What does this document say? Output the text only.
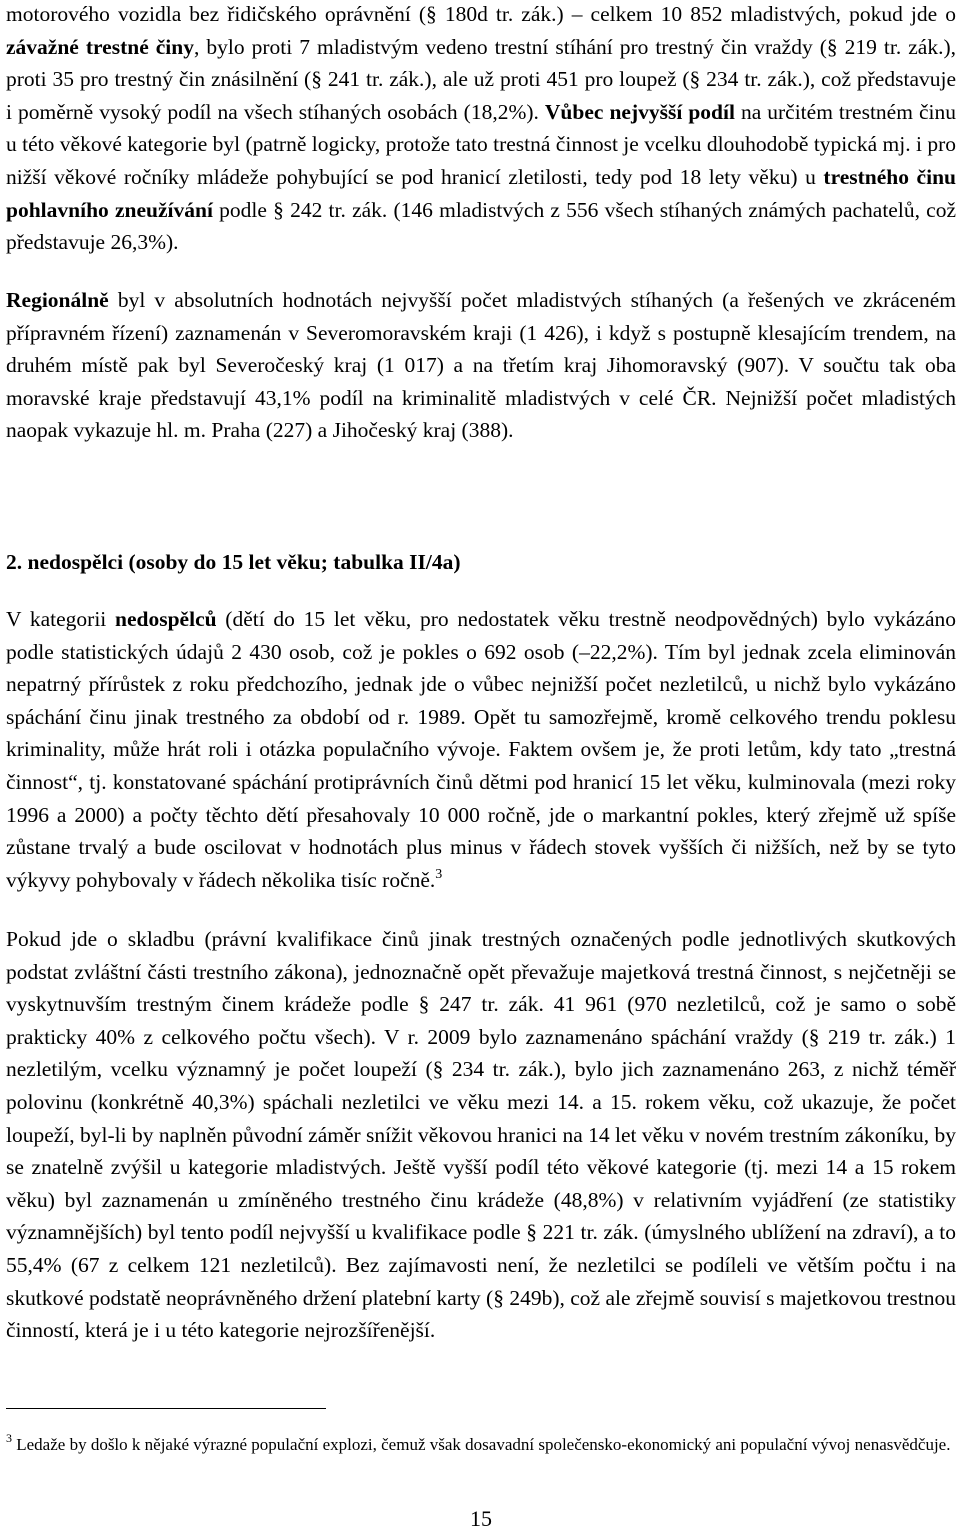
motorového vozidla bez řidičského oprávnění (§ 180d tr. zák.) – celkem 10 852 mladistvých, pokud jde o závažné trestné činy, bylo proti 7 mladistvým vedeno trestní stíhání pro trestný čin vraždy (§ 219 tr. zák.), proti 35 pro trestný čin znásilnění (§ 241 tr. zák.), ale už proti 451 pro loupež (§ 234 tr. zák.), což představuje i poměrně vysoký podíl na všech stíhaných osobách (18,2%). Vůbec nejvyšší podíl na určitém trestném činu u této věkové kategorie byl (patrně logicky, protože tato trestná činnost je vcelku dlouhodobě typická mj. i pro nižší věkové ročníky mládeže pohybující se pod hranicí zletilosti, tedy pod 18 lety věku) u trestného činu pohlavního zneužívání podle § 242 tr. zák. (146 mladistvých z 556 všech stíhaných známých pachatelů, což představuje 26,3%).

Regionálně byl v absolutních hodnotách nejvyšší počet mladistvých stíhaných (a řešených ve zkráceném přípravném řízení) zaznamenán v Severomoravském kraji (1 426), i když s postupně klesajícím trendem, na druhém místě pak byl Severočeský kraj (1 017) a na třetím kraj Jihomoravský (907). V součtu tak oba moravské kraje představují 43,1% podíl na kriminalitě mladistvých v celé ČR. Nejnižší počet mladistých naopak vykazuje hl. m. Praha (227) a Jihočeský kraj (388).

2. nedospělci (osoby do 15 let věku; tabulka II/4a)

V kategorii nedospělců (dětí do 15 let věku, pro nedostatek věku trestně neodpovědných) bylo vykázáno podle statistických údajů 2 430 osob, což je pokles o 692 osob (–22,2%). Tím byl jednak zcela eliminován nepatrný přírůstek z roku předchozího, jednak jde o vůbec nejnižší počet nezletilců, u nichž bylo vykázáno spáchání činu jinak trestného za období od r. 1989. Opět tu samozřejmě, kromě celkového trendu poklesu kriminality, může hrát roli i otázka populačního vývoje. Faktem ovšem je, že proti letům, kdy tato „trestná činnost“, tj. konstatované spáchání protiprávních činů dětmi pod hranicí 15 let věku, kulminovala (mezi roky 1996 a 2000) a počty těchto dětí přesahovaly 10 000 ročně, jde o markantní pokles, který zřejmě už spíše zůstane trvalý a bude oscilovat v hodnotách plus minus v řádech stovek vyšších či nižších, než by se tyto výkyvy pohybovaly v řádech několika tisíc ročně.$^3$

Pokud jde o skladbu (právní kvalifikace činů jinak trestných označených podle jednotlivých skutkových podstat zvláštní části trestního zákona), jednoznačně opět převažuje majetková trestná činnost, s nejčetněji se vyskytnuvším trestným činem krádeže podle § 247 tr. zák. 41 961 (970 nezletilců, což je samo o sobě prakticky 40% z celkového počtu všech). V r. 2009 bylo zaznamenáno spáchání vraždy (§ 219 tr. zák.) 1 nezletilým, vcelku významný je počet loupeží (§ 234 tr. zák.), bylo jich zaznamenáno 263, z nichž téměř polovinu (konkrétně 40,3%) spáchali nezletilci ve věku mezi 14. a 15. rokem věku, což ukazuje, že počet loupeží, byl-li by naplněn původní záměr snížit věkovou hranici na 14 let věku v novém trestním zákoníku, by se znatelně zvýšil u kategorie mladistvých. Ještě vyšší podíl této věkové kategorie (tj. mezi 14 a 15 rokem věku) byl zaznamenán u zmíněného trestného činu krádeže (48,8%) v relativním vyjádření (ze statistiky významnějších) byl tento podíl nejvyšší u kvalifikace podle § 221 tr. zák. (úmyslného ublížení na zdraví), a to 55,4% (67 z celkem 121 nezletilců). Bez zajímavosti není, že nezletilci se podíleli ve větším počtu i na skutkové podstatě neoprávněného držení platební karty (§ 249b), což ale zřejmě souvisí s majetkovou trestnou činností, která je i u této kategorie nejrozšířenější.

$^3$ Ledaže by došlo k nějaké výrazné populační explozi, čemuž však dosavadní společensko-ekonomický ani populační vývoj nenasvědčuje.

15
